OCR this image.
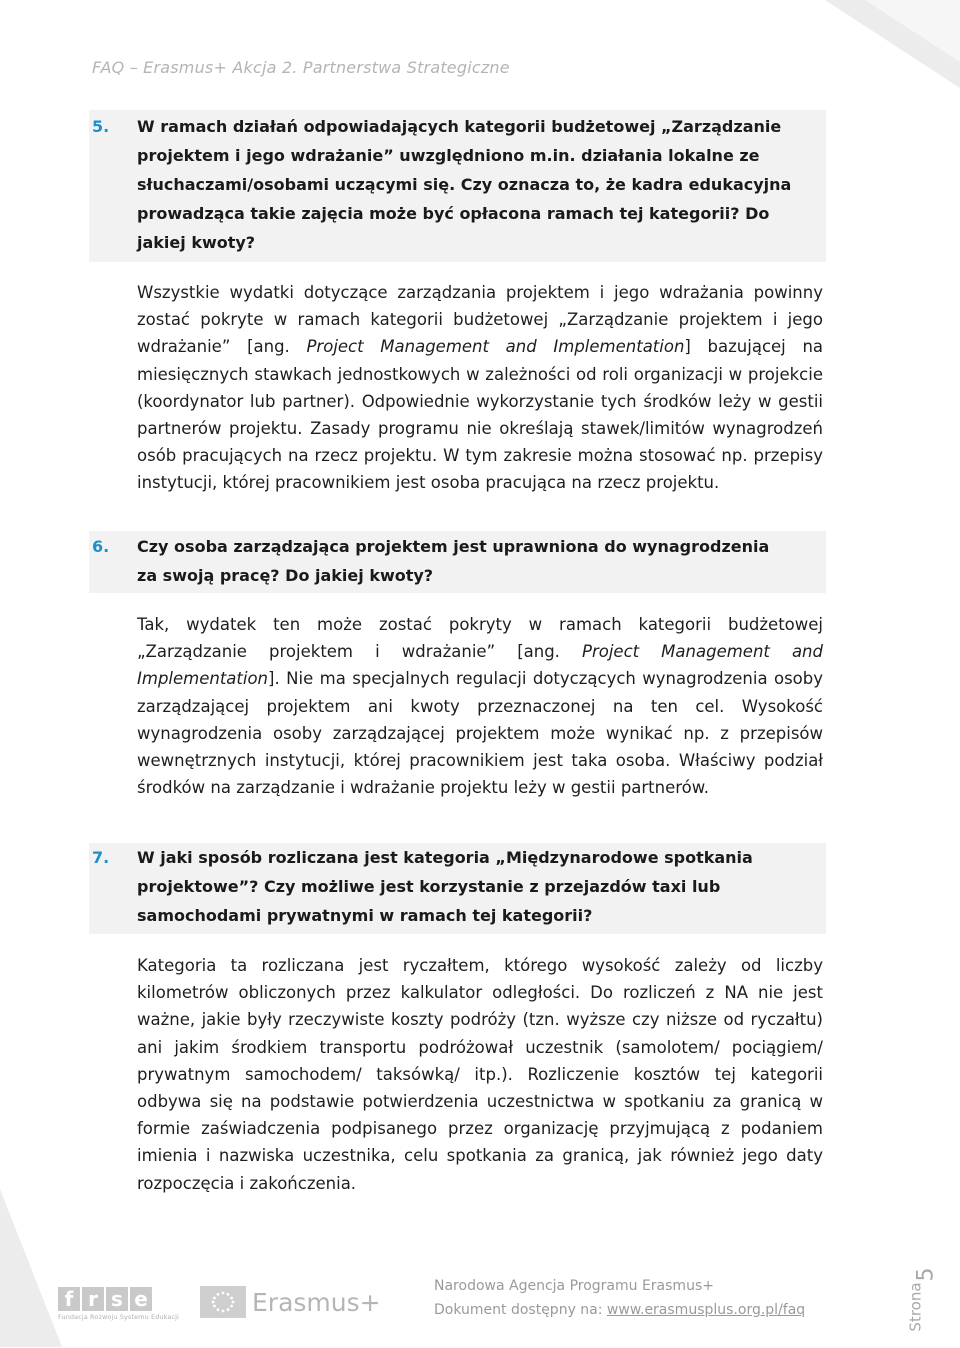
FAQ – Erasmus+ Akcja 2. Partnerstwa Strategiczne
5. W ramach działań odpowiadających kategorii budżetowej „Zarządzanie
projektem i jego wdrażanie” uwzględniono m.in. działania lokalne ze
słuchaczami/osobami uczącymi się. Czy oznacza to, że kadra edukacyjna
prowadząca takie zajęcia może być opłacona ramach tej kategorii? Do
jakiej kwoty?
Wszystkie wydatki dotyczące zarządzania projektem i jego wdrażania powinny zostać pokryte w ramach kategorii budżetowej „Zarządzanie projektem i jego wdrażanie” [ang. Project Management and Implementation] bazującej na miesięcznych stawkach jednostkowych w zależności od roli organizacji w projekcie (koordynator lub partner). Odpowiednie wykorzystanie tych środków leży w gestii partnerów projektu. Zasady programu nie określają stawek/limitów wynagrodzeń osób pracujących na rzecz projektu. W tym zakresie można stosować np. przepisy instytucji, której pracownikiem jest osoba pracująca na rzecz projektu.
6. Czy osoba zarządzająca projektem jest uprawniona do wynagrodzenia
za swoją pracę? Do jakiej kwoty?
Tak, wydatek ten może zostać pokryty w ramach kategorii budżetowej „Zarządzanie projektem i wdrażanie” [ang. Project Management and Implementation]. Nie ma specjalnych regulacji dotyczących wynagrodzenia osoby zarządzającej projektem ani kwoty przeznaczonej na ten cel. Wysokość wynagrodzenia osoby zarządzającej projektem może wynikać np. z przepisów wewnętrznych instytucji, której pracownikiem jest taka osoba. Właściwy podział środków na zarządzanie i wdrażanie projektu leży w gestii partnerów.
7. W jaki sposób rozliczana jest kategoria „Międzynarodowe spotkania
projektowe”? Czy możliwe jest korzystanie z przejazdów taxi lub
samochodami prywatnymi w ramach tej kategorii?
Kategoria ta rozliczana jest ryczałtem, którego wysokość zależy od liczby kilometrów obliczonych przez kalkulator odległości. Do rozliczeń z NA nie jest ważne, jakie były rzeczywiste koszty podróży (tzn. wyższe czy niższe od ryczałtu) ani jakim środkiem transportu podróżował uczestnik (samolotem/ pociągiem/ prywatnym samochodem/ taksówką/ itp.). Rozliczenie kosztów tej kategorii odbywa się na podstawie potwierdzenia uczestnictwa w spotkaniu za granicą w formie zaświadczenia podpisanego przez organizację przyjmującą z podaniem imienia i nazwiska uczestnika, celu spotkania za granicą, jak również jego daty rozpoczęcia i zakończenia.
f r s e
Fundacja Rozwoju Systemu Edukacji
Erasmus+
Narodowa Agencja Programu Erasmus+
Dokument dostępny na: www.erasmusplus.org.pl/faq	Strona
5
